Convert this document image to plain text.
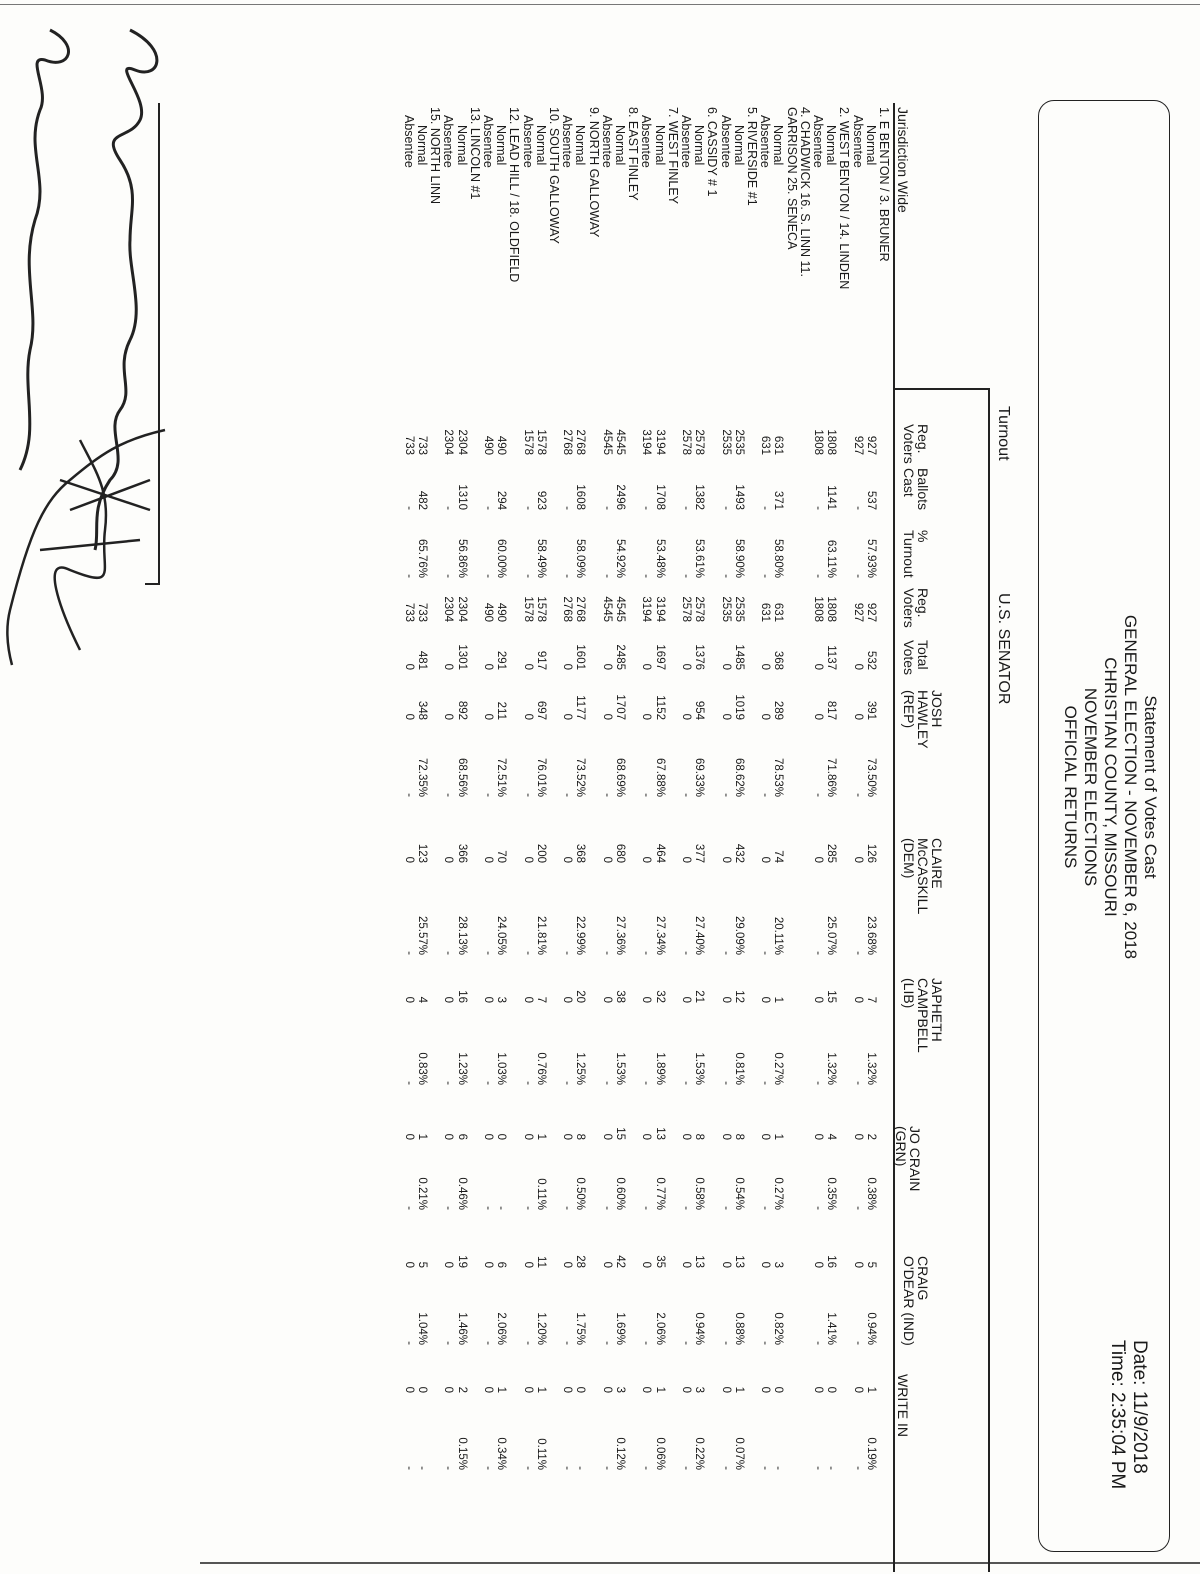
Statement of Votes Cast
GENERAL ELECTION - NOVEMBER 6, 2018
CHRISTIAN COUNTY, MISSOURI
NOVEMBER ELECTIONS
OFFICIAL RETURNS
Date: 11/9/2018
Time: 2:35:04 PM
Turnout
U.S. SENATOR
Jurisdiction Wide
Reg.
Voters
Ballots
Cast
%
Turnout
Reg.
Voters
Total
Votes
JOSH
HAWLEY
(REP)
CLAIRE
McCASKILL
(DEM)
JAPHETH
CAMPBELL
(LIB)
JO CRAIN
(GRN)
CRAIG
O'DEAR (IND)
WRITE IN
1. E BENTON / 3. BRUNER
Normal
927
537
57.93%
927
532
391
73.50%
126
23.68%
7
1.32%
2
0.38%
5
0.94%
1
0.19%
Absentee
927
-
-
927
0
0
-
0
-
0
-
0
-
0
-
0
-
2. WEST BENTON / 14. LINDEN
Normal
1808
1141
63.11%
1808
1137
817
71.86%
285
25.07%
15
1.32%
4
0.35%
16
1.41%
0
-
Absentee
1808
-
-
1808
0
0
-
0
-
0
-
0
-
0
-
0
-
4. CHADWICK 16. S. LINN 11.
GARRISON 25. SENECA
Normal
631
371
58.80%
631
368
289
78.53%
74
20.11%
1
0.27%
1
0.27%
3
0.82%
0
-
Absentee
631
-
-
631
0
0
-
0
-
0
-
0
-
0
-
0
-
5. RIVERSIDE #1
Normal
2535
1493
58.90%
2535
1485
1019
68.62%
432
29.09%
12
0.81%
8
0.54%
13
0.88%
1
0.07%
Absentee
2535
-
-
2535
0
0
-
0
-
0
-
0
-
0
-
0
-
6. CASSIDY # 1
Normal
2578
1382
53.61%
2578
1376
954
69.33%
377
27.40%
21
1.53%
8
0.58%
13
0.94%
3
0.22%
Absentee
2578
-
-
2578
0
0
-
0
-
0
-
0
-
0
-
0
-
7. WEST FINLEY
Normal
3194
1708
53.48%
3194
1697
1152
67.88%
464
27.34%
32
1.89%
13
0.77%
35
2.06%
1
0.06%
Absentee
3194
-
-
3194
0
0
-
0
-
0
-
0
-
0
-
0
-
8. EAST FINLEY
Normal
4545
2496
54.92%
4545
2485
1707
68.69%
680
27.36%
38
1.53%
15
0.60%
42
1.69%
3
0.12%
Absentee
4545
-
-
4545
0
0
-
0
-
0
-
0
-
0
-
0
-
9. NORTH GALLOWAY
Normal
2768
1608
58.09%
2768
1601
1177
73.52%
368
22.99%
20
1.25%
8
0.50%
28
1.75%
0
-
Absentee
2768
-
-
2768
0
0
-
0
-
0
-
0
-
0
-
0
-
10. SOUTH GALLOWAY
Normal
1578
923
58.49%
1578
917
697
76.01%
200
21.81%
7
0.76%
1
0.11%
11
1.20%
1
0.11%
Absentee
1578
-
-
1578
0
0
-
0
-
0
-
0
-
0
-
0
-
12. LEAD HILL / 18. OLDFIELD
Normal
490
294
60.00%
490
291
211
72.51%
70
24.05%
3
1.03%
0
-
6
2.06%
1
0.34%
Absentee
490
-
-
490
0
0
-
0
-
0
-
0
-
0
-
0
-
13. LINCOLN #1
Normal
2304
1310
56.86%
2304
1301
892
68.56%
366
28.13%
16
1.23%
6
0.46%
19
1.46%
2
0.15%
Absentee
2304
-
-
2304
0
0
-
0
-
0
-
0
-
0
-
0
-
15. NORTH LINN
Normal
733
482
65.76%
733
481
348
72.35%
123
25.57%
4
0.83%
1
0.21%
5
1.04%
0
-
Absentee
733
-
-
733
0
0
-
0
-
0
-
0
-
0
-
0
-
